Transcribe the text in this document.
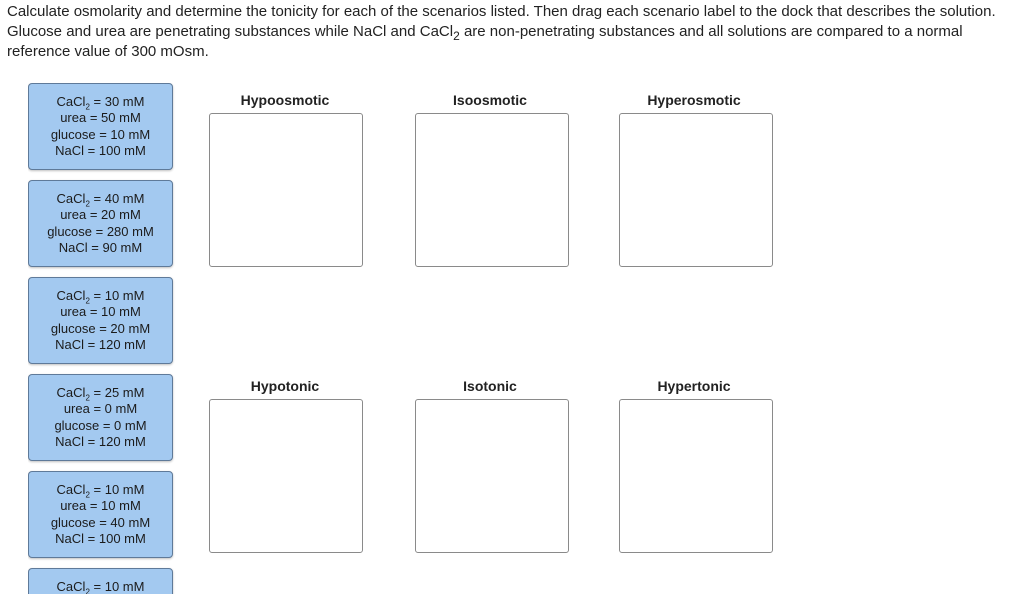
Calculate osmolarity and determine the tonicity for each of the scenarios listed. Then drag each scenario label to the dock that describes the solution. Glucose and urea are penetrating substances while NaCl and CaCl$_2$ are non-penetrating substances and all solutions are compared to a normal reference value of 300 mOsm.
CaCl$_2$ = 30 mM
urea = 50 mM
glucose = 10 mM
NaCl = 100 mM
CaCl$_2$ = 40 mM
urea = 20 mM
glucose = 280 mM
NaCl = 90 mM
CaCl$_2$ = 10 mM
urea = 10 mM
glucose = 20 mM
NaCl = 120 mM
CaCl$_2$ = 25 mM
urea = 0 mM
glucose = 0 mM
NaCl = 120 mM
CaCl$_2$ = 10 mM
urea = 10 mM
glucose = 40 mM
NaCl = 100 mM
CaCl$_2$ = 10 mM
Hypoosmotic	Isoosmotic	Hyperosmotic
Hypotonic	Isotonic	Hypertonic
